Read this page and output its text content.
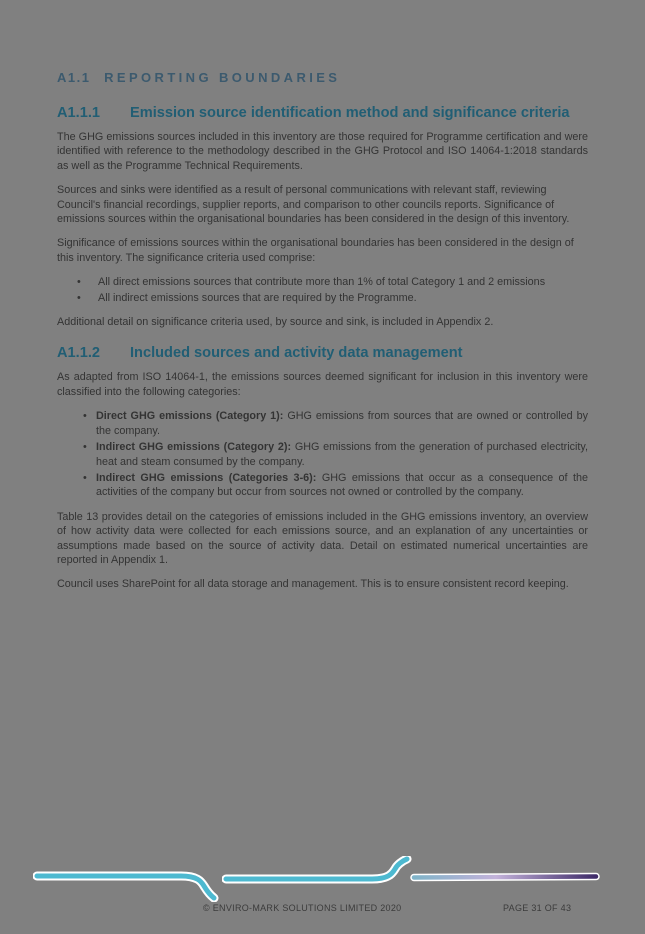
A1.1 REPORTING BOUNDARIES
A1.1.1	Emission source identification method and significance criteria

The GHG emissions sources included in this inventory are those required for Programme certification and were identified with reference to the methodology described in the GHG Protocol and ISO 14064-1:2018 standards as well as the Programme Technical Requirements.

Sources and sinks were identified as a result of personal communications with relevant staff, reviewing Council's financial recordings, supplier reports, and comparison to other councils reports. Significance of emissions sources within the organisational boundaries has been considered in the design of this inventory.

Significance of emissions sources within the organisational boundaries has been considered in the design of this inventory. The significance criteria used comprise:

• All direct emissions sources that contribute more than 1% of total Category 1 and 2 emissions
• All indirect emissions sources that are required by the Programme.

Additional detail on significance criteria used, by source and sink, is included in Appendix 2.

A1.1.2	Included sources and activity data management

As adapted from ISO 14064-1, the emissions sources deemed significant for inclusion in this inventory were classified into the following categories:

• Direct GHG emissions (Category 1): GHG emissions from sources that are owned or controlled by the company.
• Indirect GHG emissions (Category 2): GHG emissions from the generation of purchased electricity, heat and steam consumed by the company.
• Indirect GHG emissions (Categories 3-6): GHG emissions that occur as a consequence of the activities of the company but occur from sources not owned or controlled by the company.

Table 13 provides detail on the categories of emissions included in the GHG emissions inventory, an overview of how activity data were collected for each emissions source, and an explanation of any uncertainties or assumptions made based on the source of activity data. Detail on estimated numerical uncertainties are reported in Appendix 1.

Council uses SharePoint for all data storage and management. This is to ensure consistent record keeping.

© ENVIRO-MARK SOLUTIONS LIMITED 2020	PAGE 31 OF 43
